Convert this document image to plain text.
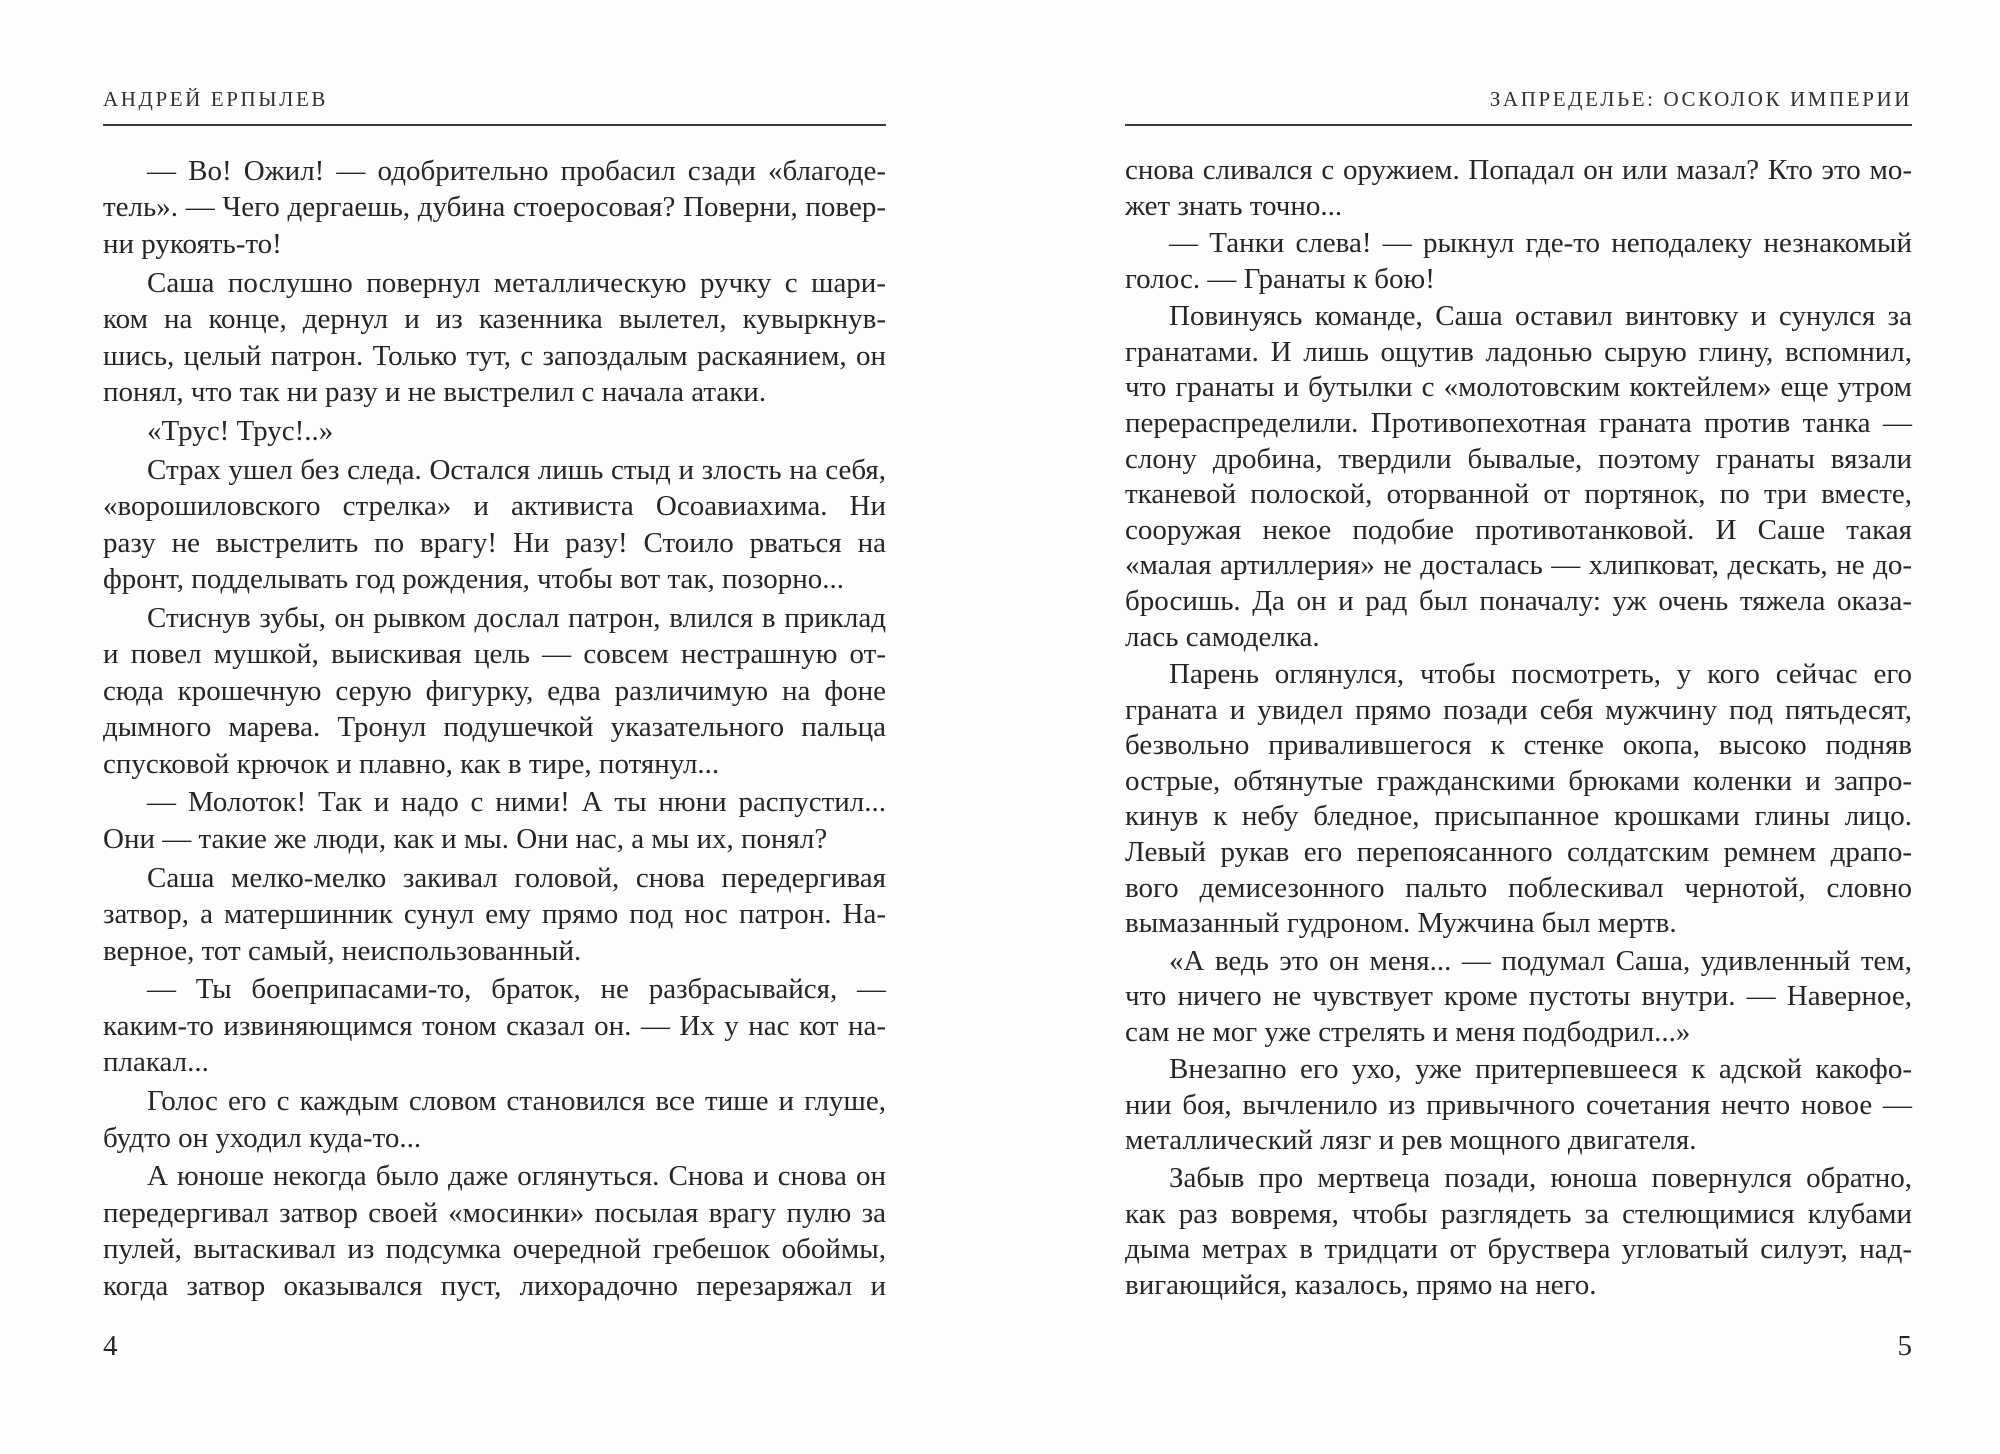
АНДРЕЙ ЕРПЫЛЕВ
— Во! Ожил! — одобрительно пробасил сзади «благоде-
тель». — Чего дергаешь, дубина стоеросовая? Поверни, повер-
ни рукоять-то!
Саша послушно повернул металлическую ручку с шари-
ком на конце, дернул и из казенника вылетел, кувыркнув-
шись, целый патрон. Только тут, с запоздалым раскаянием, он
понял, что так ни разу и не выстрелил с начала атаки.
«Трус! Трус!..»
Страх ушел без следа. Остался лишь стыд и злость на себя,
«ворошиловского стрелка» и активиста Осоавиахима. Ни
разу не выстрелить по врагу! Ни разу! Стоило рваться на
фронт, подделывать год рождения, чтобы вот так, позорно...
Стиснув зубы, он рывком дослал патрон, влился в приклад
и повел мушкой, выискивая цель — совсем нестрашную от-
сюда крошечную серую фигурку, едва различимую на фоне
дымного марева. Тронул подушечкой указательного пальца
спусковой крючок и плавно, как в тире, потянул...
— Молоток! Так и надо с ними! А ты нюни распустил...
Они — такие же люди, как и мы. Они нас, а мы их, понял?
Саша мелко-мелко закивал головой, снова передергивая
затвор, а матершинник сунул ему прямо под нос патрон. На-
верное, тот самый, неиспользованный.
— Ты боеприпасами-то, браток, не разбрасывайся, —
каким-то извиняющимся тоном сказал он. — Их у нас кот на-
плакал...
Голос его с каждым словом становился все тише и глуше,
будто он уходил куда-то...
А юноше некогда было даже оглянуться. Снова и снова он
передергивал затвор своей «мосинки» посылая врагу пулю за
пулей, вытаскивал из подсумка очередной гребешок обоймы,
когда затвор оказывался пуст, лихорадочно перезаряжал и
4
ЗАПРЕДЕЛЬЕ: ОСКОЛОК ИМПЕРИИ
снова сливался с оружием. Попадал он или мазал? Кто это мо-
жет знать точно...
— Танки слева! — рыкнул где-то неподалеку незнакомый
голос. — Гранаты к бою!
Повинуясь команде, Саша оставил винтовку и сунулся за
гранатами. И лишь ощутив ладонью сырую глину, вспомнил,
что гранаты и бутылки с «молотовским коктейлем» еще утром
перераспределили. Противопехотная граната против танка —
слону дробина, твердили бывалые, поэтому гранаты вязали
тканевой полоской, оторванной от портянок, по три вместе,
сооружая некое подобие противотанковой. И Саше такая
«малая артиллерия» не досталась — хлипковат, дескать, не до-
бросишь. Да он и рад был поначалу: уж очень тяжела оказа-
лась самоделка.
Парень оглянулся, чтобы посмотреть, у кого сейчас его
граната и увидел прямо позади себя мужчину под пятьдесят,
безвольно привалившегося к стенке окопа, высоко подняв
острые, обтянутые гражданскими брюками коленки и запро-
кинув к небу бледное, присыпанное крошками глины лицо.
Левый рукав его перепоясанного солдатским ремнем драпо-
вого демисезонного пальто поблескивал чернотой, словно
вымазанный гудроном. Мужчина был мертв.
«А ведь это он меня... — подумал Саша, удивленный тем,
что ничего не чувствует кроме пустоты внутри. — Наверное,
сам не мог уже стрелять и меня подбодрил...»
Внезапно его ухо, уже притерпевшееся к адской какофо-
нии боя, вычленило из привычного сочетания нечто новое —
металлический лязг и рев мощного двигателя.
Забыв про мертвеца позади, юноша повернулся обратно,
как раз вовремя, чтобы разглядеть за стелющимися клубами
дыма метрах в тридцати от бруствера угловатый силуэт, над-
вигающийся, казалось, прямо на него.
5
